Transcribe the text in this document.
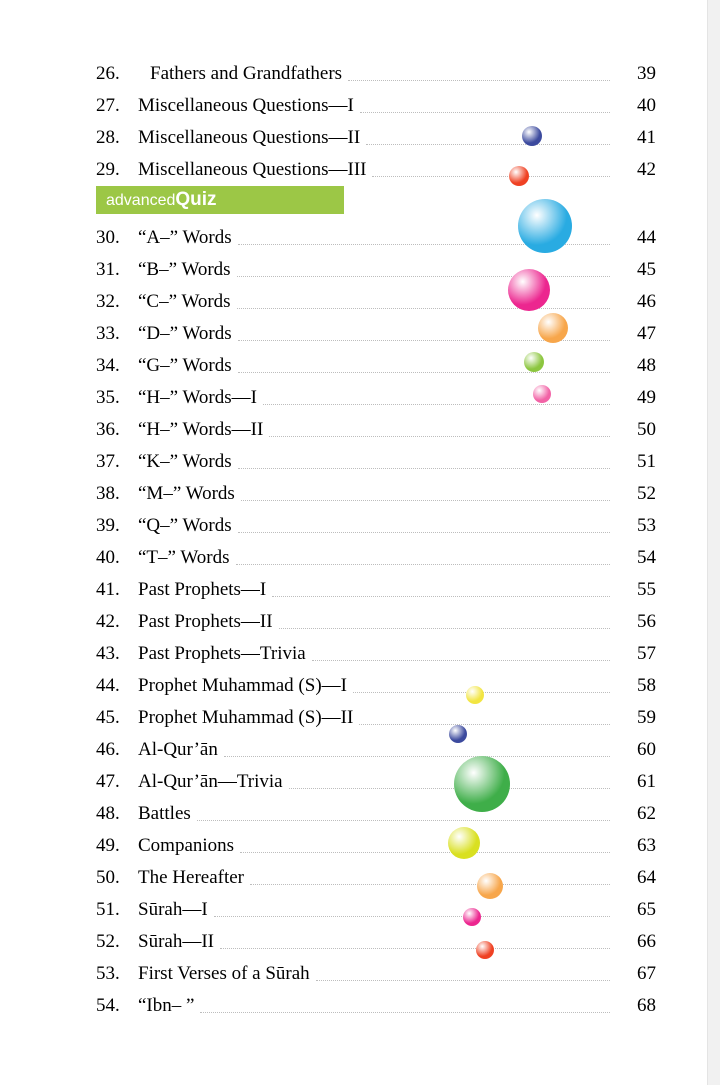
26.	Fathers and Grandfathers	39
27. Miscellaneous Questions—I	40
28. Miscellaneous Questions—II	41
29. Miscellaneous Questions—III	42
advancedQuiz
30. “A–” Words	44
31. “B–” Words	45
32. “C–” Words	46
33. “D–” Words	47
34. “G–” Words	48
35. “H–” Words—I	49
36. “H–” Words—II	50
37. “K–” Words	51
38. “M–” Words	52
39. “Q–” Words	53
40. “T–” Words	54
41. Past Prophets—I	55
42. Past Prophets—II	56
43. Past Prophets—Trivia	57
44. Prophet Muhammad (S)—I	58
45. Prophet Muhammad (S)—II	59
46. Al-Qur’ān	60
47. Al-Qur’ān—Trivia	61
48. Battles	62
49. Companions	63
50. The Hereafter	64
51. Sūrah—I	65
52. Sūrah—II	66
53. First Verses of a Sūrah	67
54. “Ibn– ”	68
